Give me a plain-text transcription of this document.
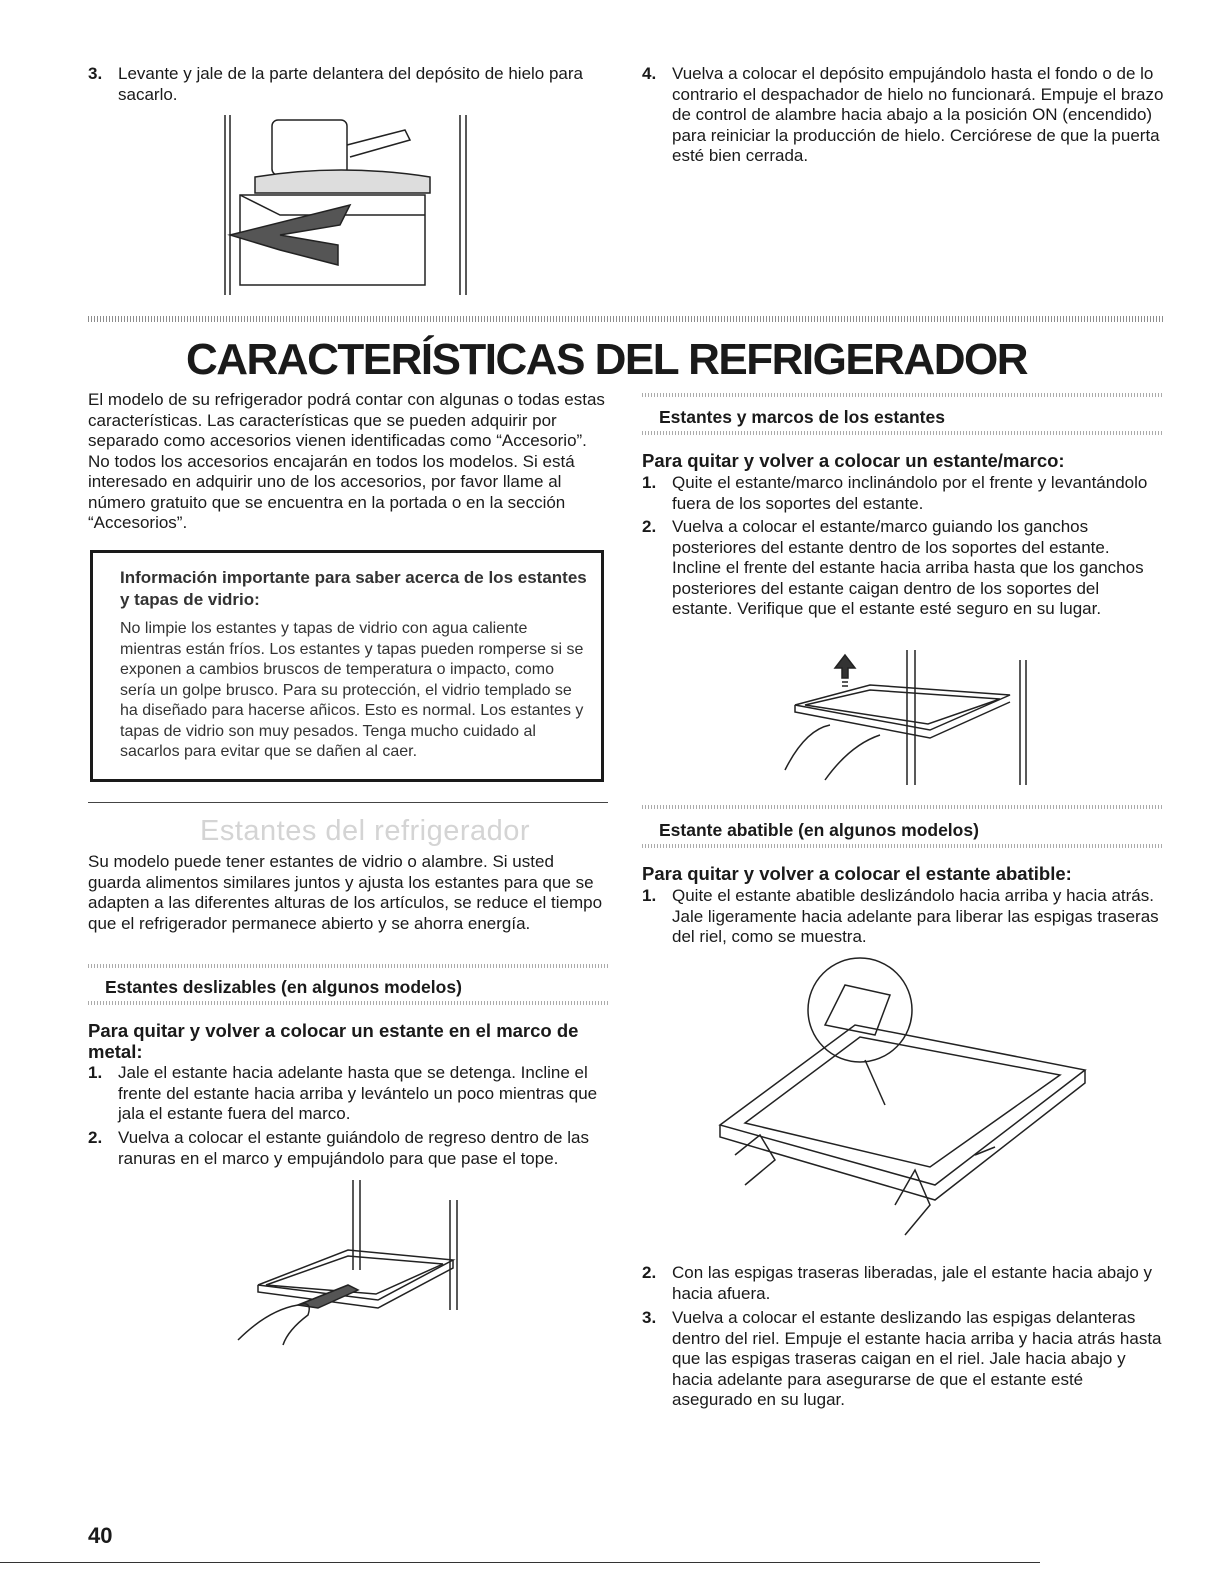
3. Levante y jale de la parte delantera del depósito de hielo para sacarlo.

4. Vuelva a colocar el depósito empujándolo hasta el fondo o de lo contrario el despachador de hielo no funcionará. Empuje el brazo de control de alambre hacia abajo a la posición ON (encendido) para reiniciar la producción de hielo. Cerciórese de que la puerta esté bien cerrada.

CARACTERÍSTICAS DEL REFRIGERADOR

El modelo de su refrigerador podrá contar con algunas o todas estas características. Las características que se pueden adquirir por separado como accesorios vienen identificadas como “Accesorio”. No todos los accesorios encajarán en todos los modelos. Si está interesado en adquirir uno de los accesorios, por favor llame al número gratuito que se encuentra en la portada o en la sección “Accesorios”.

Información importante para saber acerca de los estantes y tapas de vidrio:

No limpie los estantes y tapas de vidrio con agua caliente mientras están fríos. Los estantes y tapas pueden romperse si se exponen a cambios bruscos de temperatura o impacto, como sería un golpe brusco. Para su protección, el vidrio templado se ha diseñado para hacerse añicos. Esto es normal. Los estantes y tapas de vidrio son muy pesados. Tenga mucho cuidado al sacarlos para evitar que se dañen al caer.

Estantes del refrigerador

Su modelo puede tener estantes de vidrio o alambre. Si usted guarda alimentos similares juntos y ajusta los estantes para que se adapten a las diferentes alturas de los artículos, se reduce el tiempo que el refrigerador permanece abierto y se ahorra energía.

Estantes deslizables (en algunos modelos)

Para quitar y volver a colocar un estante en el marco de metal:

1. Jale el estante hacia adelante hasta que se detenga. Incline el frente del estante hacia arriba y levántelo un poco mientras que jala el estante fuera del marco.

2. Vuelva a colocar el estante guiándolo de regreso dentro de las ranuras en el marco y empujándolo para que pase el tope.

Estantes y marcos de los estantes

Para quitar y volver a colocar un estante/marco:

1. Quite el estante/marco inclinándolo por el frente y levantándolo fuera de los soportes del estante.

2. Vuelva a colocar el estante/marco guiando los ganchos posteriores del estante dentro de los soportes del estante. Incline el frente del estante hacia arriba hasta que los ganchos posteriores del estante caigan dentro de los soportes del estante. Verifique que el estante esté seguro en su lugar.

Estante abatible (en algunos modelos)

Para quitar y volver a colocar el estante abatible:

1. Quite el estante abatible deslizándolo hacia arriba y hacia atrás. Jale ligeramente hacia adelante para liberar las espigas traseras del riel, como se muestra.

2. Con las espigas traseras liberadas, jale el estante hacia abajo y hacia afuera.

3. Vuelva a colocar el estante deslizando las espigas delanteras dentro del riel. Empuje el estante hacia arriba y hacia atrás hasta que las espigas traseras caigan en el riel. Jale hacia abajo y hacia adelante para asegurarse de que el estante esté asegurado en su lugar.

40
